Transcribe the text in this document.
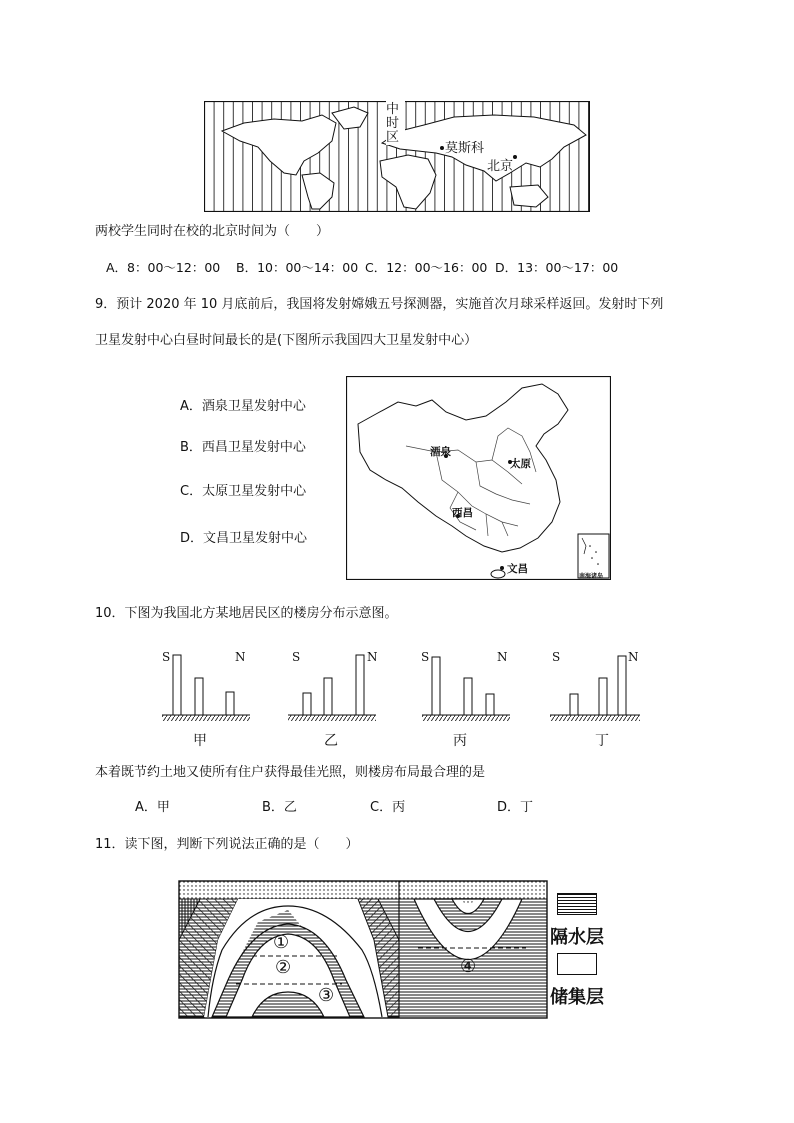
中时区
莫斯科
北京
两校学生同时在校的北京时间为（　　）
A．8：00～12：00 B．10：00～14：00 C．12：00～16：00 D．13：00～17：00
9．预计 2020 年 10 月底前后，我国将发射嫦娥五号探测器，实施首次月球采样返回。发射时下列
卫星发射中心白昼时间最长的是(下图所示我国四大卫星发射中心）
A．酒泉卫星发射中心
B．西昌卫星发射中心
C．太原卫星发射中心
D．文昌卫星发射中心
酒泉
太原
西昌
文昌
南海诸岛
10．下图为我国北方某地居民区的楼房分布示意图。
S	N	S	N	S	N	S	N
甲	乙	丙	丁
本着既节约土地又使所有住户获得最佳光照，则楼房布局最合理的是
A．甲	B．乙	C．丙	D．丁
11．读下图，判断下列说法正确的是（　　）
①
②
③
④
隔水层
储集层
